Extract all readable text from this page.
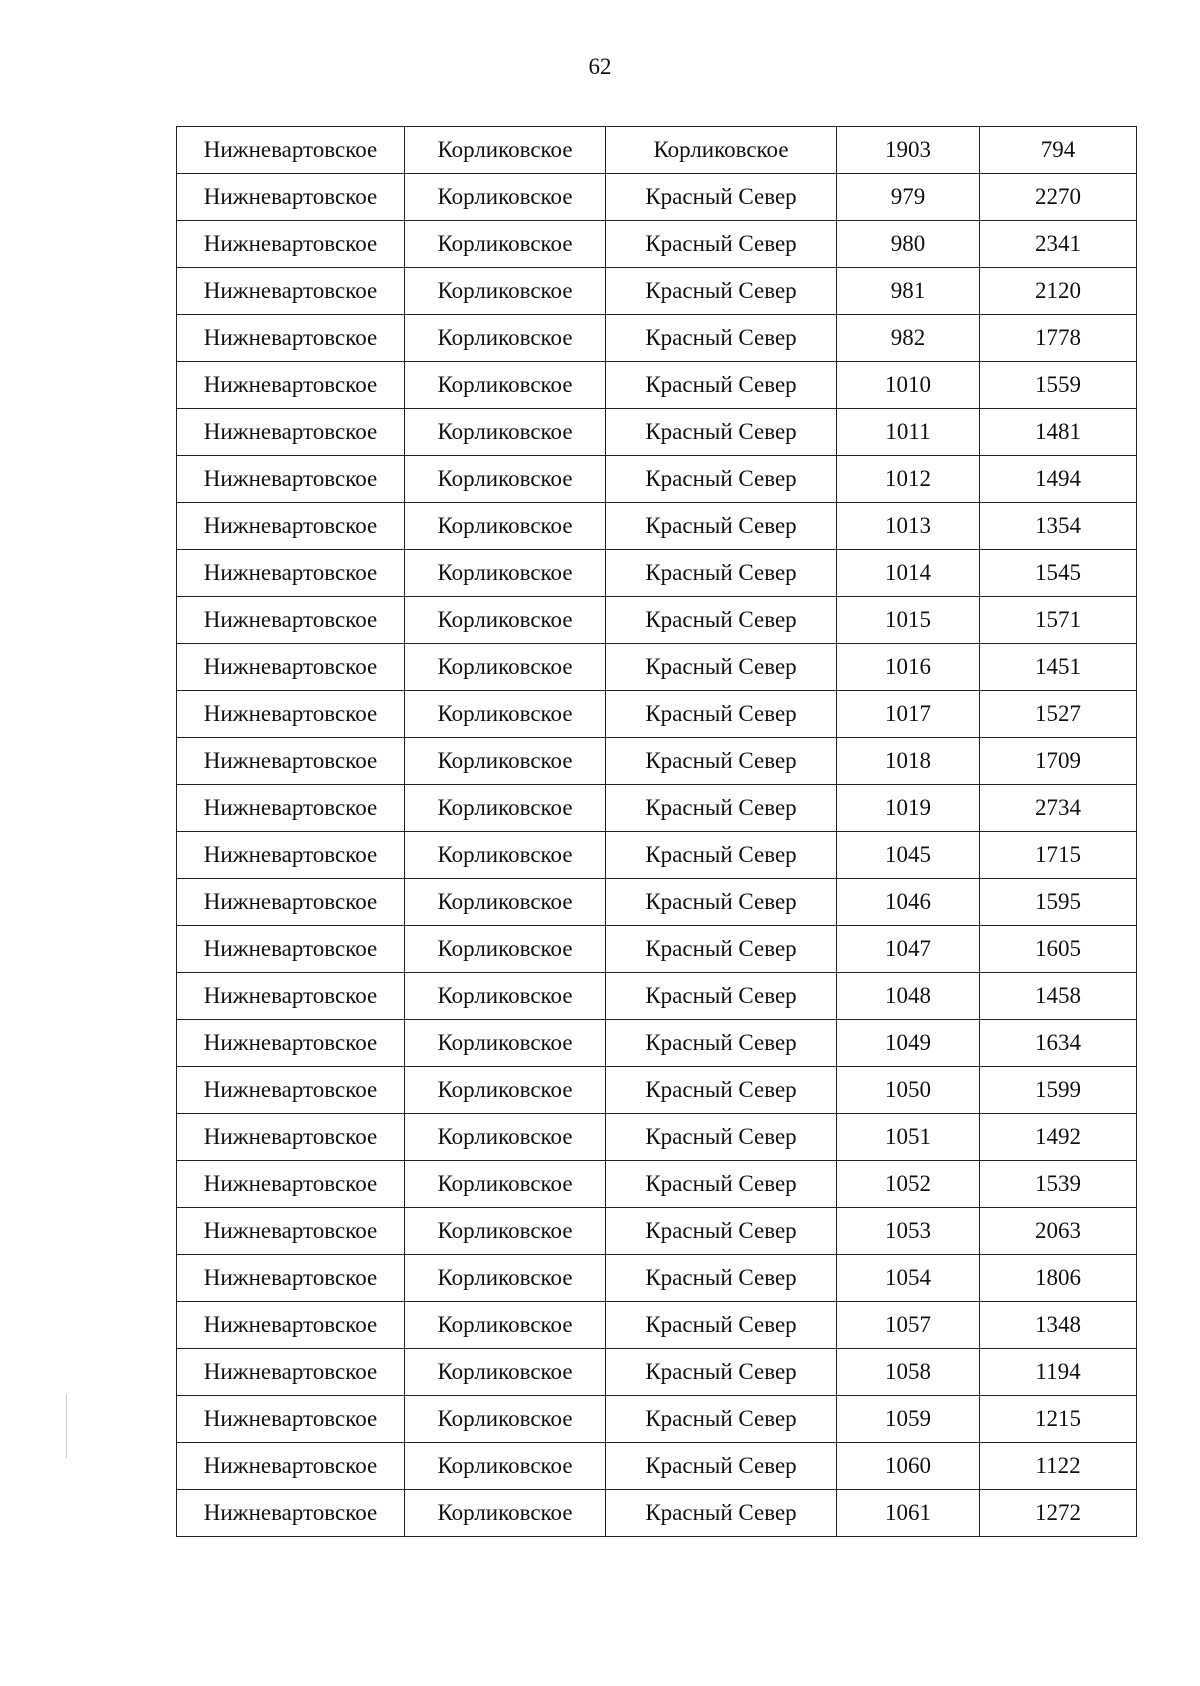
62
Нижневартовское	Корликовское	Корликовское	1903	794
Нижневартовское	Корликовское	Красный Север	979	2270
Нижневартовское	Корликовское	Красный Север	980	2341
Нижневартовское	Корликовское	Красный Север	981	2120
Нижневартовское	Корликовское	Красный Север	982	1778
Нижневартовское	Корликовское	Красный Север	1010	1559
Нижневартовское	Корликовское	Красный Север	1011	1481
Нижневартовское	Корликовское	Красный Север	1012	1494
Нижневартовское	Корликовское	Красный Север	1013	1354
Нижневартовское	Корликовское	Красный Север	1014	1545
Нижневартовское	Корликовское	Красный Север	1015	1571
Нижневартовское	Корликовское	Красный Север	1016	1451
Нижневартовское	Корликовское	Красный Север	1017	1527
Нижневартовское	Корликовское	Красный Север	1018	1709
Нижневартовское	Корликовское	Красный Север	1019	2734
Нижневартовское	Корликовское	Красный Север	1045	1715
Нижневартовское	Корликовское	Красный Север	1046	1595
Нижневартовское	Корликовское	Красный Север	1047	1605
Нижневартовское	Корликовское	Красный Север	1048	1458
Нижневартовское	Корликовское	Красный Север	1049	1634
Нижневартовское	Корликовское	Красный Север	1050	1599
Нижневартовское	Корликовское	Красный Север	1051	1492
Нижневартовское	Корликовское	Красный Север	1052	1539
Нижневартовское	Корликовское	Красный Север	1053	2063
Нижневартовское	Корликовское	Красный Север	1054	1806
Нижневартовское	Корликовское	Красный Север	1057	1348
Нижневартовское	Корликовское	Красный Север	1058	1194
Нижневартовское	Корликовское	Красный Север	1059	1215
Нижневартовское	Корликовское	Красный Север	1060	1122
Нижневартовское	Корликовское	Красный Север	1061	1272
